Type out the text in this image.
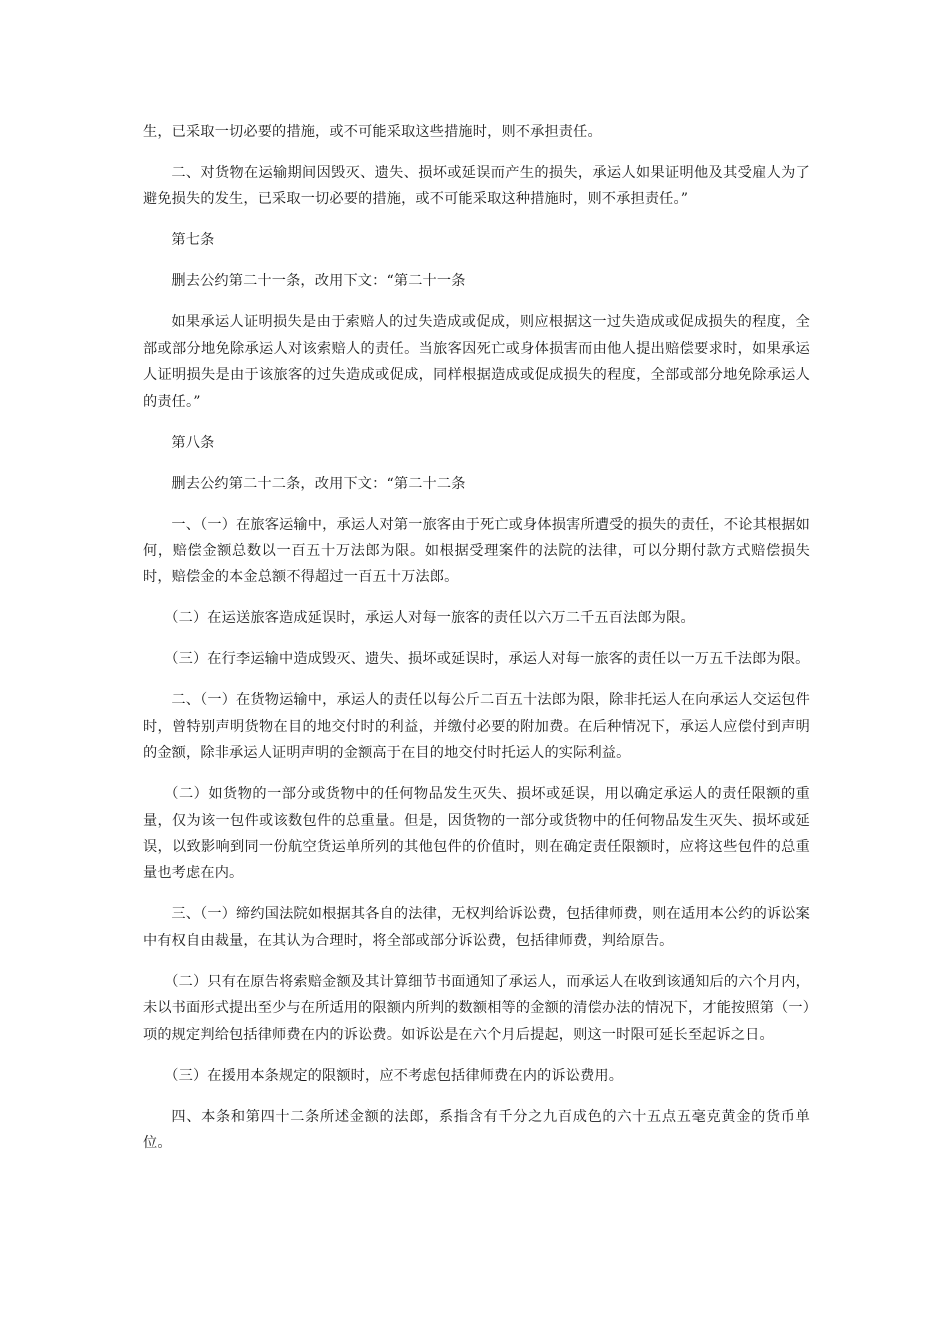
生，已采取一切必要的措施，或不可能采取这些措施时，则不承担责任。

二、对货物在运输期间因毁灭、遗失、损坏或延误而产生的损失，承运人如果证明他及其受雇人为了避免损失的发生，已采取一切必要的措施，或不可能采取这种措施时，则不承担责任。”

第七条

删去公约第二十一条，改用下文：“第二十一条

如果承运人证明损失是由于索赔人的过失造成或促成，则应根据这一过失造成或促成损失的程度，全部或部分地免除承运人对该索赔人的责任。当旅客因死亡或身体损害而由他人提出赔偿要求时，如果承运人证明损失是由于该旅客的过失造成或促成，同样根据造成或促成损失的程度，全部或部分地免除承运人的责任。”

第八条

删去公约第二十二条，改用下文：“第二十二条

一、（一）在旅客运输中，承运人对第一旅客由于死亡或身体损害所遭受的损失的责任，不论其根据如何，赔偿金额总数以一百五十万法郎为限。如根据受理案件的法院的法律，可以分期付款方式赔偿损失时，赔偿金的本金总额不得超过一百五十万法郎。

（二）在运送旅客造成延误时，承运人对每一旅客的责任以六万二千五百法郎为限。

（三）在行李运输中造成毁灭、遗失、损坏或延误时，承运人对每一旅客的责任以一万五千法郎为限。

二、（一）在货物运输中，承运人的责任以每公斤二百五十法郎为限，除非托运人在向承运人交运包件时，曾特别声明货物在目的地交付时的利益，并缴付必要的附加费。在后种情况下，承运人应偿付到声明的金额，除非承运人证明声明的金额高于在目的地交付时托运人的实际利益。

（二）如货物的一部分或货物中的任何物品发生灭失、损坏或延误，用以确定承运人的责任限额的重量，仅为该一包件或该数包件的总重量。但是，因货物的一部分或货物中的任何物品发生灭失、损坏或延误，以致影响到同一份航空货运单所列的其他包件的价值时，则在确定责任限额时，应将这些包件的总重量也考虑在内。

三、（一）缔约国法院如根据其各自的法律，无权判给诉讼费，包括律师费，则在适用本公约的诉讼案中有权自由裁量，在其认为合理时，将全部或部分诉讼费，包括律师费，判给原告。

（二）只有在原告将索赔金额及其计算细节书面通知了承运人，而承运人在收到该通知后的六个月内，未以书面形式提出至少与在所适用的限额内所判的数额相等的金额的清偿办法的情况下，才能按照第（一）项的规定判给包括律师费在内的诉讼费。如诉讼是在六个月后提起，则这一时限可延长至起诉之日。

（三）在援用本条规定的限额时，应不考虑包括律师费在内的诉讼费用。

四、本条和第四十二条所述金额的法郎，系指含有千分之九百成色的六十五点五毫克黄金的货币单位。
